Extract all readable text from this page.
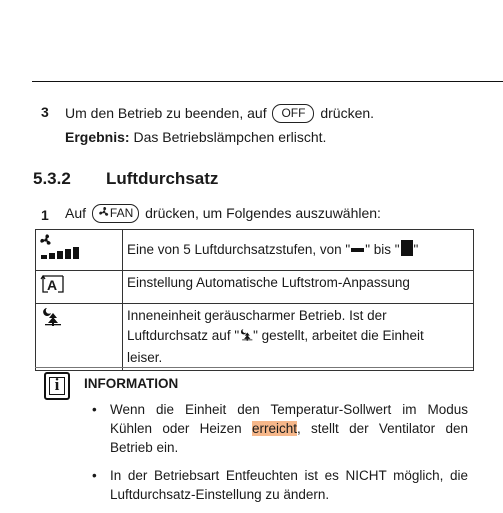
3 Um den Betrieb zu beenden, auf OFF drücken.
Ergebnis: Das Betriebslämpchen erlischt.
5.3.2 Luftdurchsatz
1 Auf FAN drücken, um Folgendes auszuwählen:
	Eine von 5 Luftdurchsatzstufen, von " " bis " "

A	Einstellung Automatische Luftstrom-Anpassung
	Inneneinheit geräuscharmer Betrieb. Ist der
Luftdurchsatz auf " " gestellt, arbeitet die Einheit
leiser.
i	INFORMATION
• Wenn die Einheit den Temperatur-Sollwert im Modus Kühlen oder Heizen erreicht, stellt der Ventilator den Betrieb ein.
• In der Betriebsart Entfeuchten ist es NICHT möglich, die Luftdurchsatz-Einstellung zu ändern.
